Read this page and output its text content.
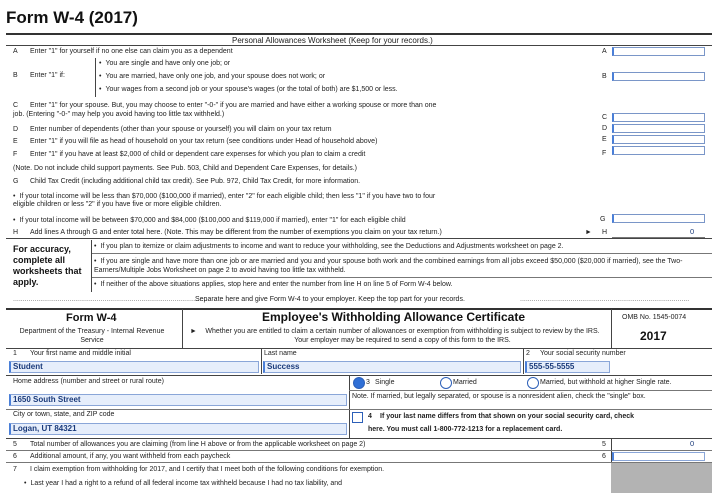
Form W-4 (2017)
Personal Allowances Worksheet (Keep for your records.)
A Enter "1" for yourself if no one else can claim you as a dependent	A
B Enter "1" if:
• You are single and have only one job; or
• You are married, have only one job, and your spouse does not work; or
• Your wages from a second job or your spouse's wages (or the total of both) are $1,500 or less.
B
C Enter "1" for your spouse. But, you may choose to enter "-0-" if you are married and have either a working spouse or more than one
job. (Entering "-0-" may help you avoid having too little tax withheld.)	C
D Enter number of dependents (other than your spouse or yourself) you will claim on your tax return	D
E Enter "1" if you will file as head of household on your tax return (see conditions under Head of household above)	E
F Enter "1" if you have at least $2,000 of child or dependent care expenses for which you plan to claim a credit	F
(Note. Do not include child support payments. See Pub. 503, Child and Dependent Care Expenses, for details.)
G Child Tax Credit (including additional child tax credit). See Pub. 972, Child Tax Credit, for more information.
• If your total income will be less than $70,000 ($100,000 if married), enter "2" for each eligible child; then less "1" if you have two to four
eligible children or less "2" if you have five or more eligible children.
• If your total income will be between $70,000 and $84,000 ($100,000 and $119,000 if married), enter "1" for each eligible child	G
H Add lines A through G and enter total here. (Note. This may be different from the number of exemptions you claim on your tax return.)	► H	0
For accuracy, complete all worksheets that apply.
• If you plan to itemize or claim adjustments to income and want to reduce your withholding, see the Deductions and Adjustments worksheet on page 2.
• If you are single and have more than one job or are married and you and your spouse both work and the combined earnings from all jobs exceed $50,000 ($20,000 if married), see the Two-Earners/Multiple Jobs Worksheet on page 2 to avoid having too little tax withheld.
• If neither of the above situations applies, stop here and enter the number from line H on line 5 of Form W-4 below.
....................................................................................................
Separate here and give Form W-4 to your employer. Keep the top part for your records.	.......................................................................................
Form W-4
Department of the Treasury - Internal Revenue Service
Employee's Withholding Allowance Certificate
►	Whether you are entitled to claim a certain number of allowances or exemption from withholding is subject to review by the IRS. Your employer may be required to send a copy of this form to the IRS.
OMB No. 1545-0074
2017
1 Your first name and middle initial	Last name	2 Your social security number
Student	Success	555-55-5555
Home address (number and street or rural route)
1650 South Street
3 Single	Married	Married, but withhold at higher Single rate.
Note. If married, but legally separated, or spouse is a nonresident alien, check the "single" box.
City or town, state, and ZIP code
Logan, UT 84321
4 If your last name differs from that shown on your social security card, check
here. You must call 1-800-772-1213 for a replacement card.
5 Total number of allowances you are claiming (from line H above or from the applicable worksheet on page 2)	5	0
6 Additional amount, if any, you want withheld from each paycheck	6
7 I claim exemption from withholding for 2017, and I certify that I meet both of the following conditions for exemption.
• Last year I had a right to a refund of all federal income tax withheld because I had no tax liability, and
